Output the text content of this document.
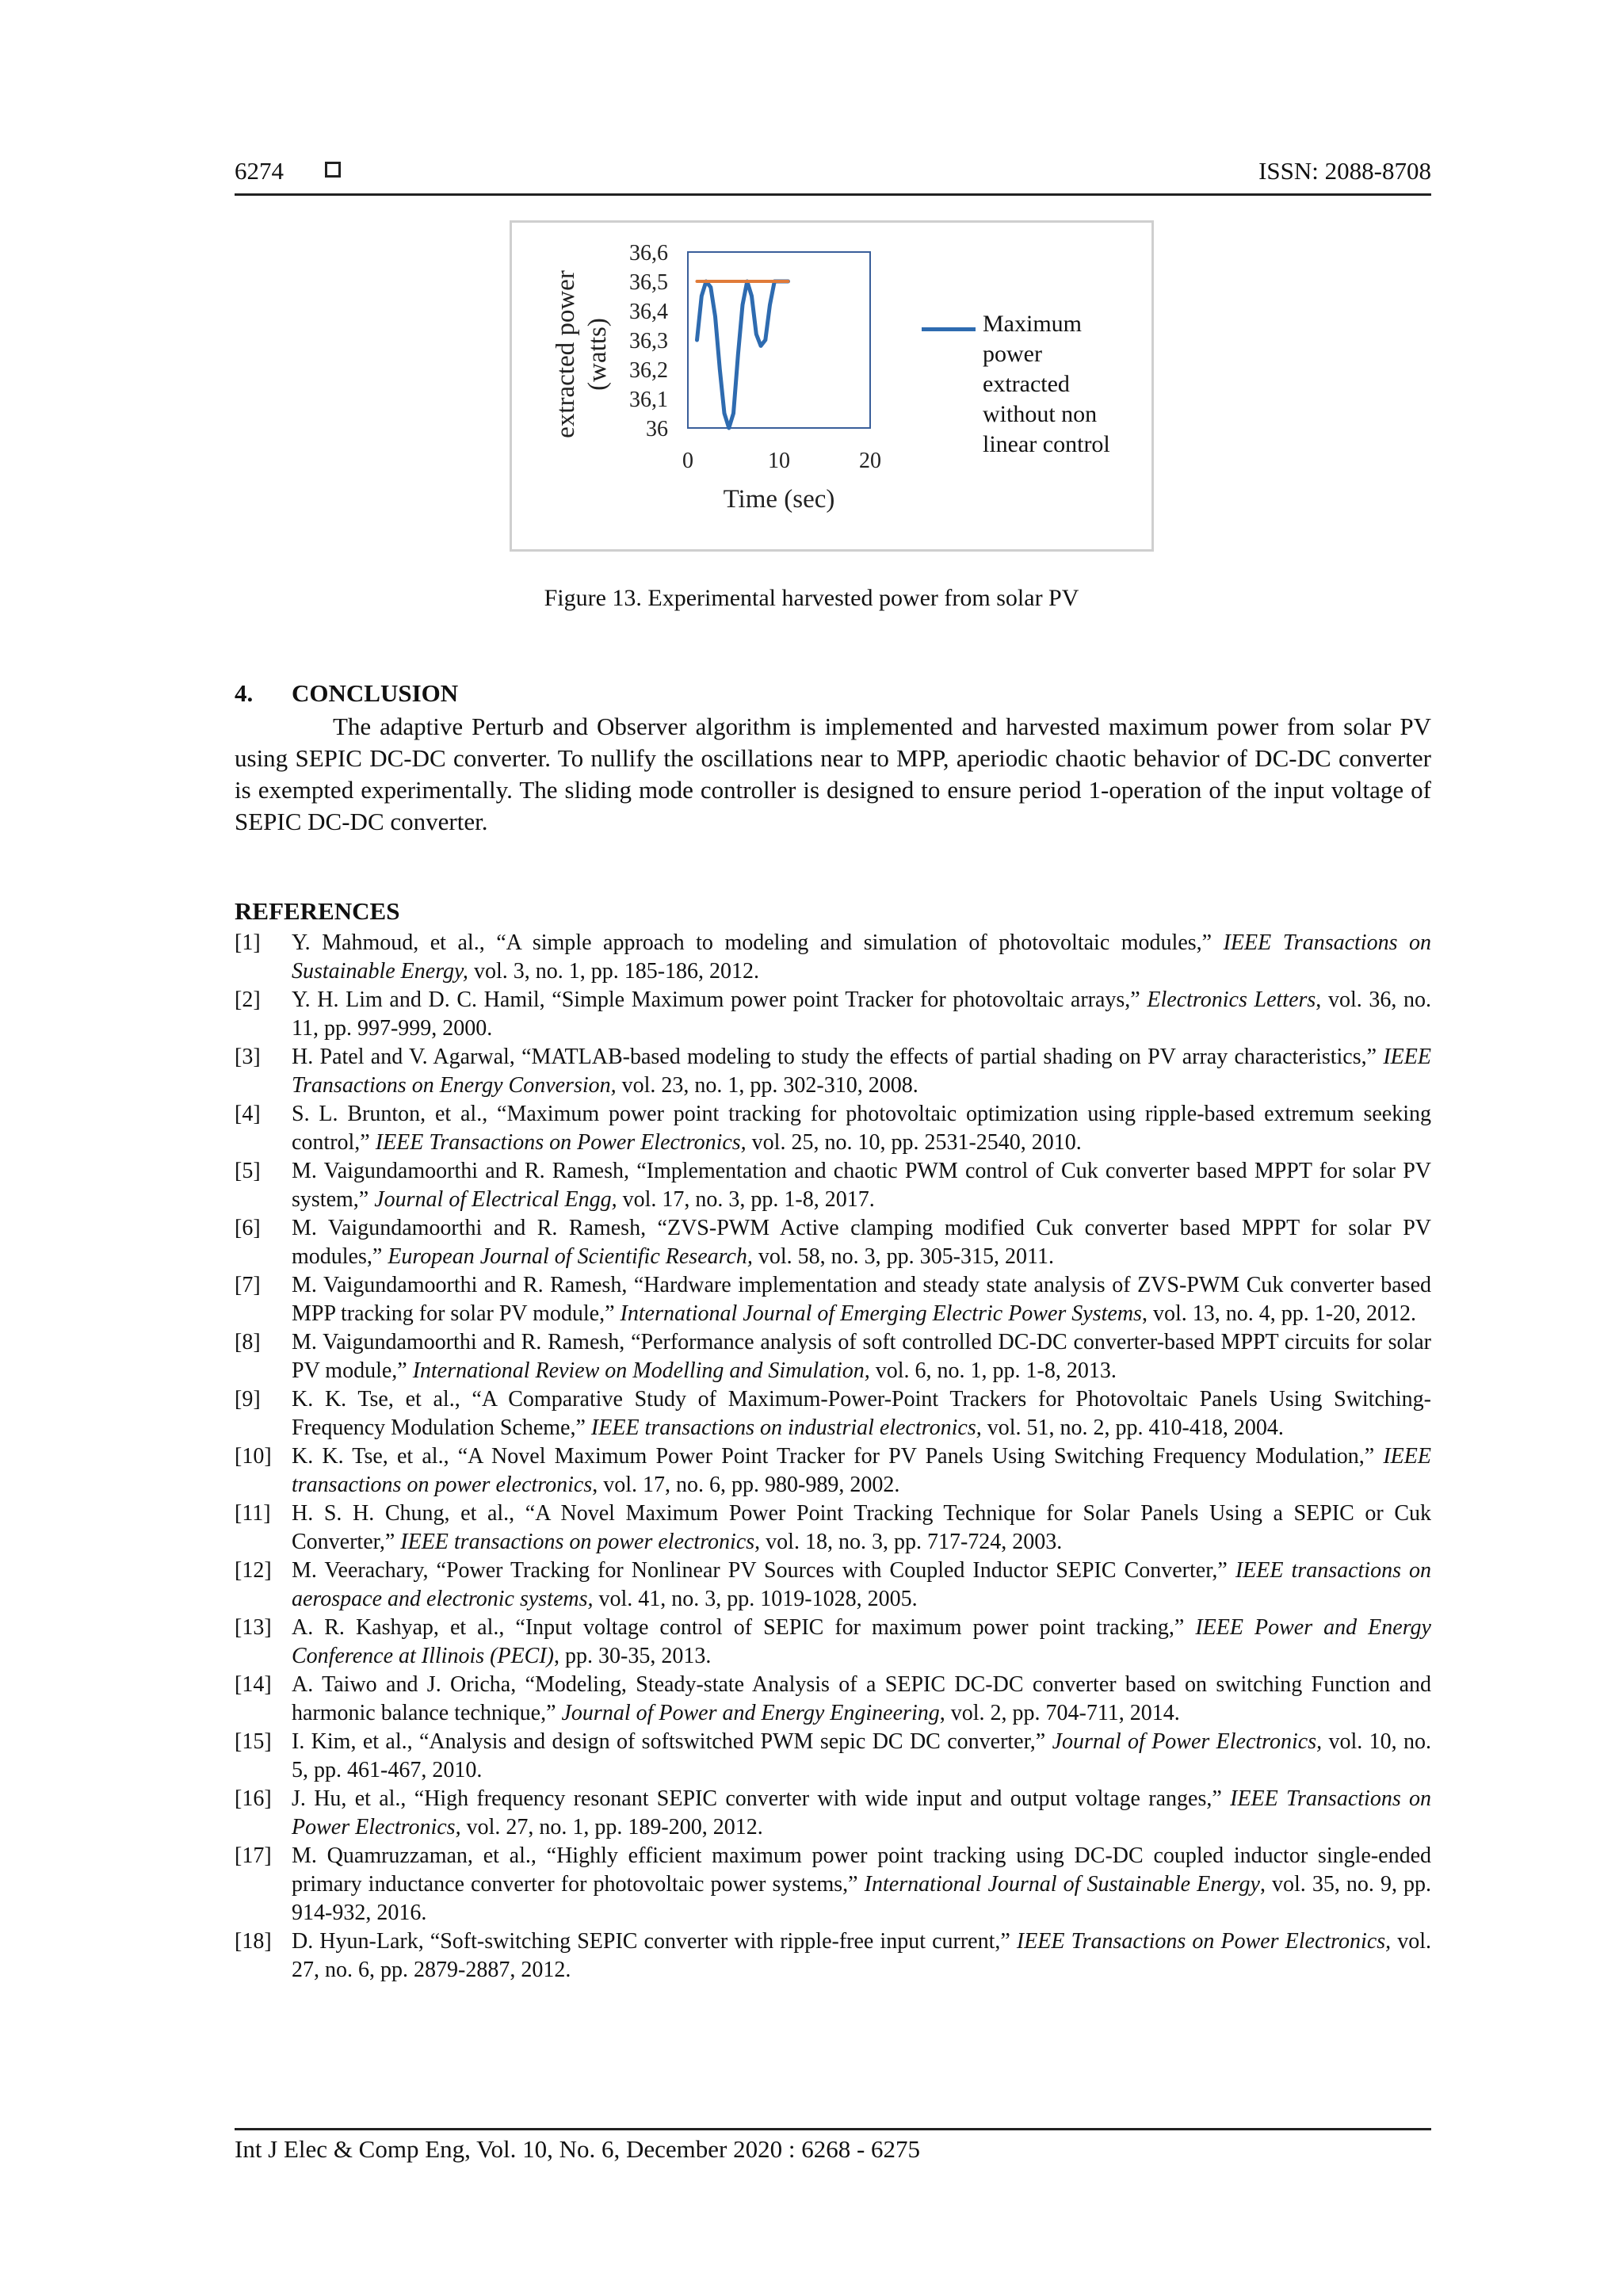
6274	ISSN: 2088-8708
36,6
36,5
36,4
36,3
36,2
36,1
36
0	10	20
Time (sec)
extracted power (watts)	Maximum
power
extracted
without non
linear control
Figure 13. Experimental harvested power from solar PV
4. CONCLUSION

The adaptive Perturb and Observer algorithm is implemented and harvested maximum power from solar PV using SEPIC DC-DC converter. To nullify the oscillations near to MPP, aperiodic chaotic behavior of DC-DC converter is exempted experimentally. The sliding mode controller is designed to ensure period 1-operation of the input voltage of SEPIC DC-DC converter.

REFERENCES
[1] Y. Mahmoud, et al., “A simple approach to modeling and simulation of photovoltaic modules,” IEEE Transactions on Sustainable Energy, vol. 3, no. 1, pp. 185-186, 2012.
[2] Y. H. Lim and D. C. Hamil, “Simple Maximum power point Tracker for photovoltaic arrays,” Electronics Letters, vol. 36, no. 11, pp. 997-999, 2000.
[3] H. Patel and V. Agarwal, “MATLAB-based modeling to study the effects of partial shading on PV array characteristics,” IEEE Transactions on Energy Conversion, vol. 23, no. 1, pp. 302-310, 2008.
[4] S. L. Brunton, et al., “Maximum power point tracking for photovoltaic optimization using ripple-based extremum seeking control,” IEEE Transactions on Power Electronics, vol. 25, no. 10, pp. 2531-2540, 2010.
[5] M. Vaigundamoorthi and R. Ramesh, “Implementation and chaotic PWM control of Cuk converter based MPPT for solar PV system,” Journal of Electrical Engg, vol. 17, no. 3, pp. 1-8, 2017.
[6] M. Vaigundamoorthi and R. Ramesh, “ZVS-PWM Active clamping modified Cuk converter based MPPT for solar PV modules,” European Journal of Scientific Research, vol. 58, no. 3, pp. 305-315, 2011.
[7] M. Vaigundamoorthi and R. Ramesh, “Hardware implementation and steady state analysis of ZVS-PWM Cuk converter based MPP tracking for solar PV module,” International Journal of Emerging Electric Power Systems, vol. 13, no. 4, pp. 1-20, 2012.
[8] M. Vaigundamoorthi and R. Ramesh, “Performance analysis of soft controlled DC-DC converter-based MPPT circuits for solar PV module,” International Review on Modelling and Simulation, vol. 6, no. 1, pp. 1-8, 2013.
[9] K. K. Tse, et al., “A Comparative Study of Maximum-Power-Point Trackers for Photovoltaic Panels Using Switching-Frequency Modulation Scheme,” IEEE transactions on industrial electronics, vol. 51, no. 2, pp. 410-418, 2004.
[10] K. K. Tse, et al., “A Novel Maximum Power Point Tracker for PV Panels Using Switching Frequency Modulation,” IEEE transactions on power electronics, vol. 17, no. 6, pp. 980-989, 2002.
[11] H. S. H. Chung, et al., “A Novel Maximum Power Point Tracking Technique for Solar Panels Using a SEPIC or Cuk Converter,” IEEE transactions on power electronics, vol. 18, no. 3, pp. 717-724, 2003.
[12] M. Veerachary, “Power Tracking for Nonlinear PV Sources with Coupled Inductor SEPIC Converter,” IEEE transactions on aerospace and electronic systems, vol. 41, no. 3, pp. 1019-1028, 2005.
[13] A. R. Kashyap, et al., “Input voltage control of SEPIC for maximum power point tracking,” IEEE Power and Energy Conference at Illinois (PECI), pp. 30-35, 2013.
[14] A. Taiwo and J. Oricha, “Modeling, Steady-state Analysis of a SEPIC DC-DC converter based on switching Function and harmonic balance technique,” Journal of Power and Energy Engineering, vol. 2, pp. 704-711, 2014.
[15] I. Kim, et al., “Analysis and design of softswitched PWM sepic DC DC converter,” Journal of Power Electronics, vol. 10, no. 5, pp. 461-467, 2010.
[16] J. Hu, et al., “High frequency resonant SEPIC converter with wide input and output voltage ranges,” IEEE Transactions on Power Electronics, vol. 27, no. 1, pp. 189-200, 2012.
[17] M. Quamruzzaman, et al., “Highly efficient maximum power point tracking using DC-DC coupled inductor single-ended primary inductance converter for photovoltaic power systems,” International Journal of Sustainable Energy, vol. 35, no. 9, pp. 914-932, 2016.
[18] D. Hyun-Lark, “Soft-switching SEPIC converter with ripple-free input current,” IEEE Transactions on Power Electronics, vol. 27, no. 6, pp. 2879-2887, 2012.
Int J Elec & Comp Eng, Vol. 10, No. 6, December 2020 : 6268 - 6275
